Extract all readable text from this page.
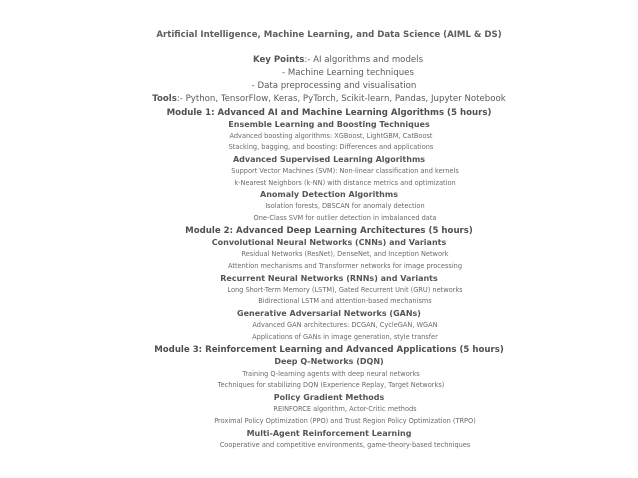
Artificial Intelligence, Machine Learning, and Data Science (AIML & DS)
Key Points:- AI algorithms and models
- Machine Learning techniques
- Data preprocessing and visualisation
Tools:- Python, TensorFlow, Keras, PyTorch, Scikit-learn, Pandas, Jupyter Notebook
Module 1: Advanced AI and Machine Learning Algorithms (5 hours)
Ensemble Learning and Boosting Techniques
Advanced boosting algorithms: XGBoost, LightGBM, CatBoost
Stacking, bagging, and boosting: Differences and applications
Advanced Supervised Learning Algorithms
Support Vector Machines (SVM): Non-linear classification and kernels
k-Nearest Neighbors (k-NN) with distance metrics and optimization
Anomaly Detection Algorithms
Isolation forests, DBSCAN for anomaly detection
One-Class SVM for outlier detection in imbalanced data
Module 2: Advanced Deep Learning Architectures (5 hours)
Convolutional Neural Networks (CNNs) and Variants
Residual Networks (ResNet), DenseNet, and Inception Network
Attention mechanisms and Transformer networks for image processing
Recurrent Neural Networks (RNNs) and Variants
Long Short-Term Memory (LSTM), Gated Recurrent Unit (GRU) networks
Bidirectional LSTM and attention-based mechanisms
Generative Adversarial Networks (GANs)
Advanced GAN architectures: DCGAN, CycleGAN, WGAN
Applications of GANs in image generation, style transfer
Module 3: Reinforcement Learning and Advanced Applications (5 hours)
Deep Q-Networks (DQN)
Training Q-learning agents with deep neural networks
Techniques for stabilizing DQN (Experience Replay, Target Networks)
Policy Gradient Methods
REINFORCE algorithm, Actor-Critic methods
Proximal Policy Optimization (PPO) and Trust Region Policy Optimization (TRPO)
Multi-Agent Reinforcement Learning
Cooperative and competitive environments, game-theory-based techniques
